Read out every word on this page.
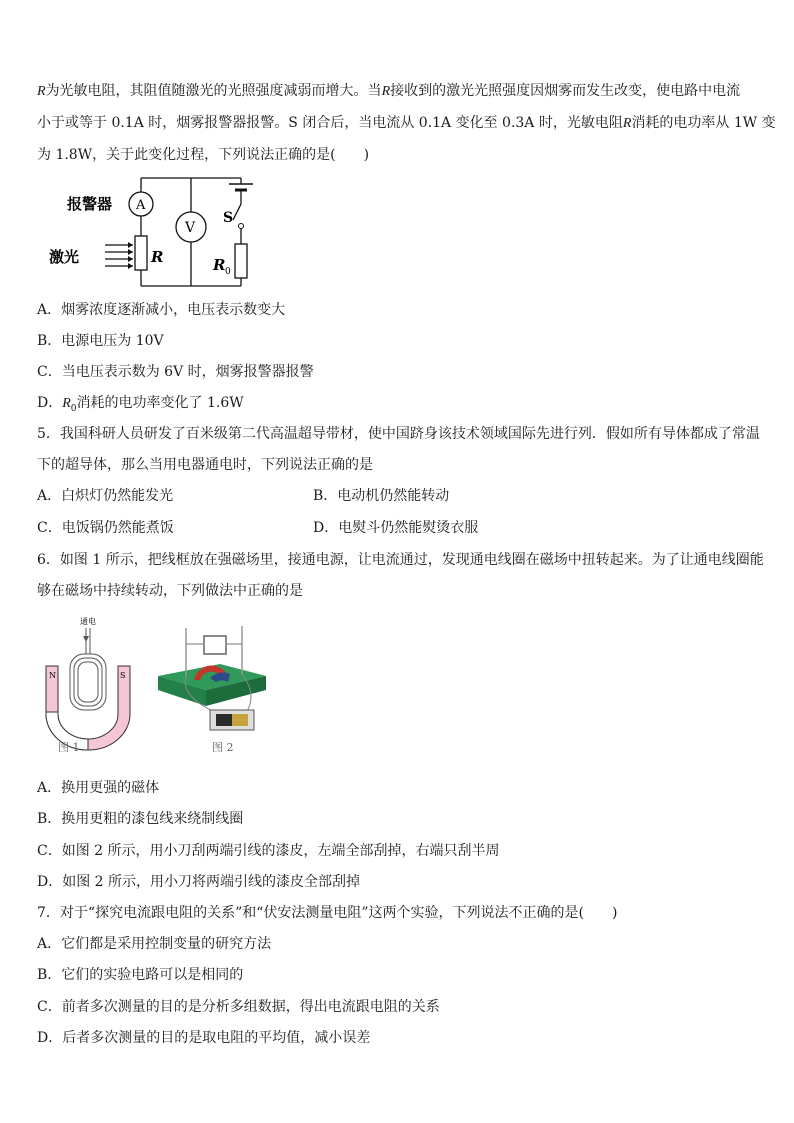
R为光敏电阻，其阻值随激光的光照强度减弱而增大。当R接收到的激光光照强度因烟雾而发生改变，使电路中电流
小于或等于 0.1A 时，烟雾报警器报警。S 闭合后，当电流从 0.1A 变化至 0.3A 时，光敏电阻R消耗的电功率从 1W 变
为 1.8W，关于此变化过程，下列说法正确的是(　　)
报警器 A
V
激光	R
S
R 0
A．烟雾浓度逐渐减小，电压表示数变大
B．电源电压为 10V
C．当电压表示数为 6V 时，烟雾报警器报警
D．$R_0$消耗的电功率变化了 1.6W
5．我国科研人员研发了百米级第二代高温超导带材，使中国跻身该技术领域国际先进行列．假如所有导体都成了常温
下的超导体，那么当用电器通电时，下列说法正确的是
A．白炽灯仍然能发光	B．电动机仍然能转动
C．电饭锅仍然能煮饭	D．电熨斗仍然能熨烫衣服
6．如图 1 所示，把线框放在强磁场里，接通电源，让电流通过，发现通电线圈在磁场中扭转起来。为了让通电线圈能
够在磁场中持续转动，下列做法中正确的是
N	S
通电
图 1	图 2
A．换用更强的磁体
B．换用更粗的漆包线来绕制线圈
C．如图 2 所示，用小刀刮两端引线的漆皮，左端全部刮掉，右端只刮半周
D．如图 2 所示，用小刀将两端引线的漆皮全部刮掉
7．对于“探究电流跟电阻的关系”和“伏安法测量电阻”这两个实验，下列说法不正确的是(　　)
A．它们都是采用控制变量的研究方法
B．它们的实验电路可以是相同的
C．前者多次测量的目的是分析多组数据，得出电流跟电阻的关系
D．后者多次测量的目的是取电阻的平均值，减小误差
